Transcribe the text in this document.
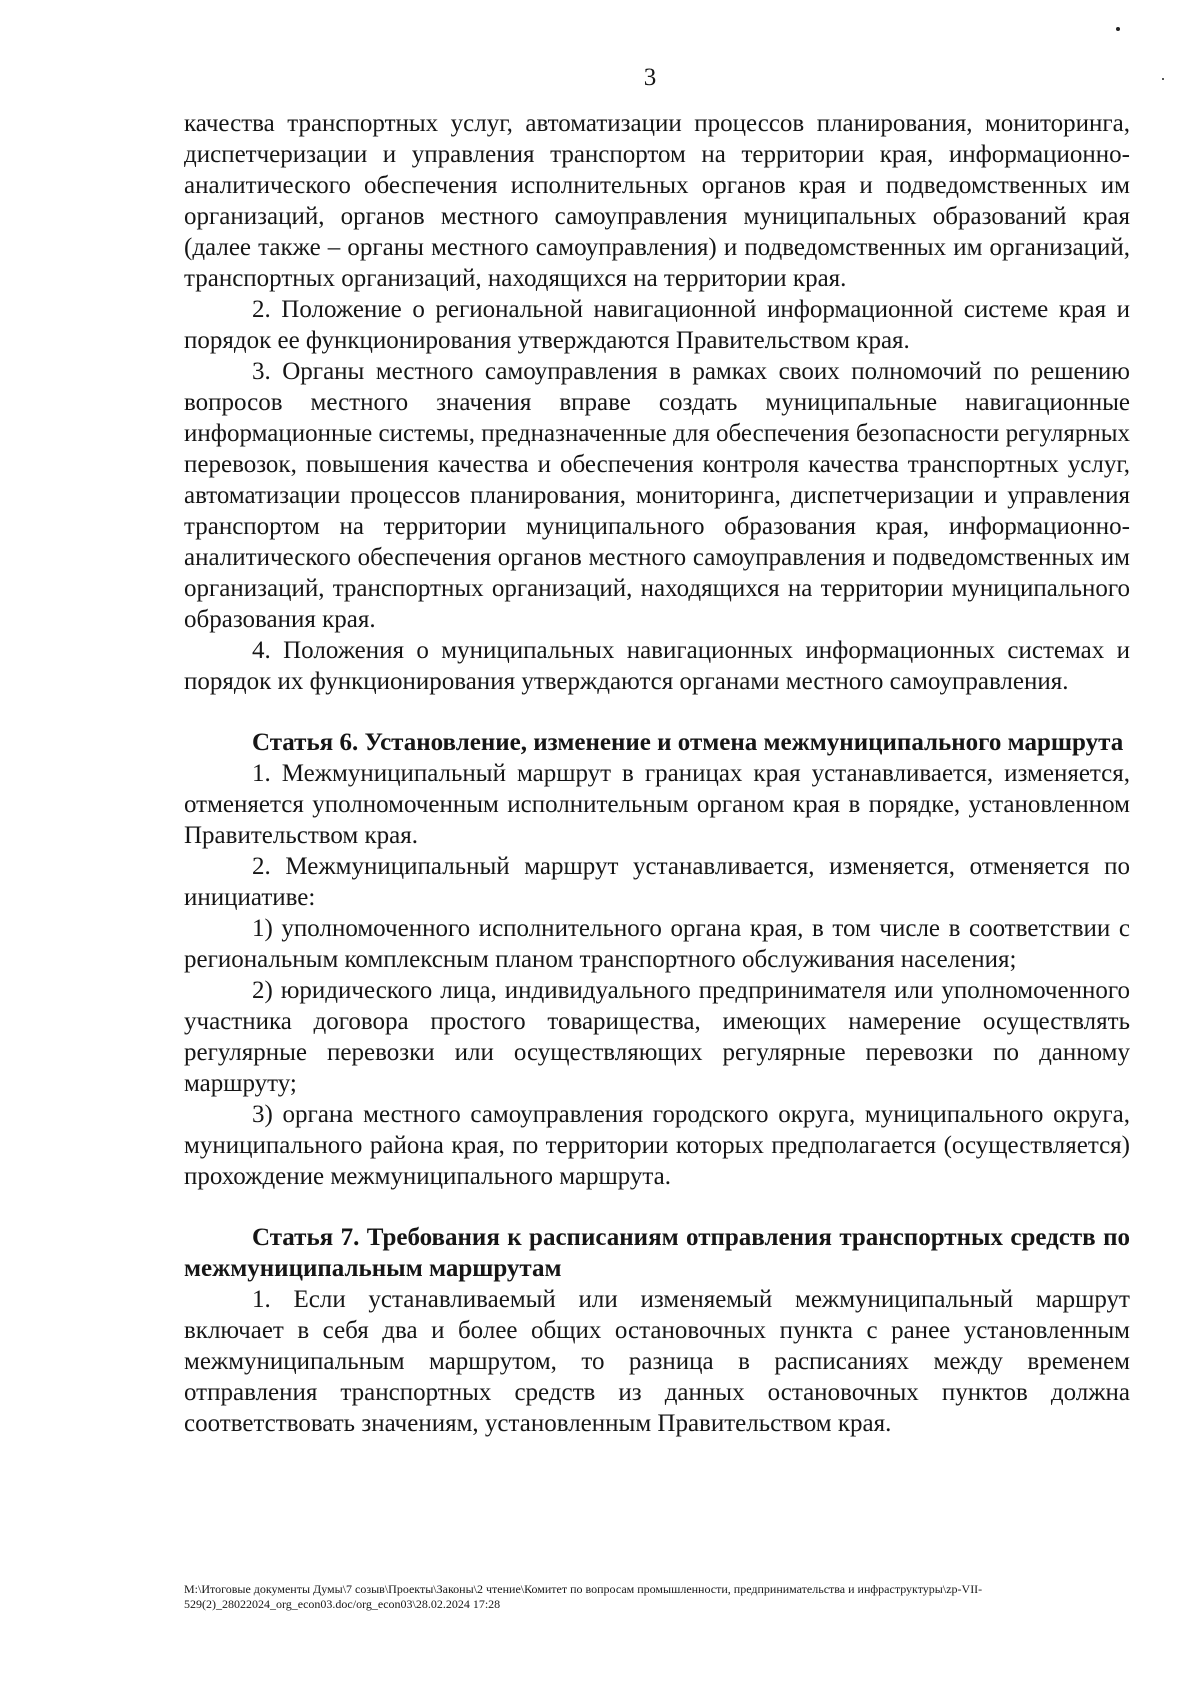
3

качества транспортных услуг, автоматизации процессов планирования, мониторинга, диспетчеризации и управления транспортом на территории края, информационно-аналитического обеспечения исполнительных органов края и подведомственных им организаций, органов местного самоуправления муниципальных образований края (далее также – органы местного самоуправления) и подведомственных им организаций, транспортных организаций, находящихся на территории края.

2. Положение о региональной навигационной информационной системе края и порядок ее функционирования утверждаются Правительством края.

3. Органы местного самоуправления в рамках своих полномочий по решению вопросов местного значения вправе создать муниципальные навигационные информационные системы, предназначенные для обеспечения безопасности регулярных перевозок, повышения качества и обеспечения контроля качества транспортных услуг, автоматизации процессов планирования, мониторинга, диспетчеризации и управления транспортом на территории муниципального образования края, информационно-аналитического обеспечения органов местного самоуправления и подведомственных им организаций, транспортных организаций, находящихся на территории муниципального образования края.

4. Положения о муниципальных навигационных информационных системах и порядок их функционирования утверждаются органами местного самоуправления.

Статья 6. Установление, изменение и отмена межмуниципального маршрута

1. Межмуниципальный маршрут в границах края устанавливается, изменяется, отменяется уполномоченным исполнительным органом края в порядке, установленном Правительством края.

2. Межмуниципальный маршрут устанавливается, изменяется, отменяется по инициативе:

1) уполномоченного исполнительного органа края, в том числе в соответствии с региональным комплексным планом транспортного обслуживания населения;

2) юридического лица, индивидуального предпринимателя или уполномоченного участника договора простого товарищества, имеющих намерение осуществлять регулярные перевозки или осуществляющих регулярные перевозки по данному маршруту;

3) органа местного самоуправления городского округа, муниципального округа, муниципального района края, по территории которых предполагается (осуществляется) прохождение межмуниципального маршрута.

Статья 7. Требования к расписаниям отправления транспортных средств по межмуниципальным маршрутам

1. Если устанавливаемый или изменяемый межмуниципальный маршрут включает в себя два и более общих остановочных пункта с ранее установленным межмуниципальным маршрутом, то разница в расписаниях между временем отправления транспортных средств из данных остановочных пунктов должна соответствовать значениям, установленным Правительством края.

M:\Итоговые документы Думы\7 созыв\Проекты\Законы\2 чтение\Комитет по вопросам промышленности, предпринимательства и инфраструктуры\zp-VII-

529(2)_28022024_org_econ03.doc/org_econ03\28.02.2024 17:28
